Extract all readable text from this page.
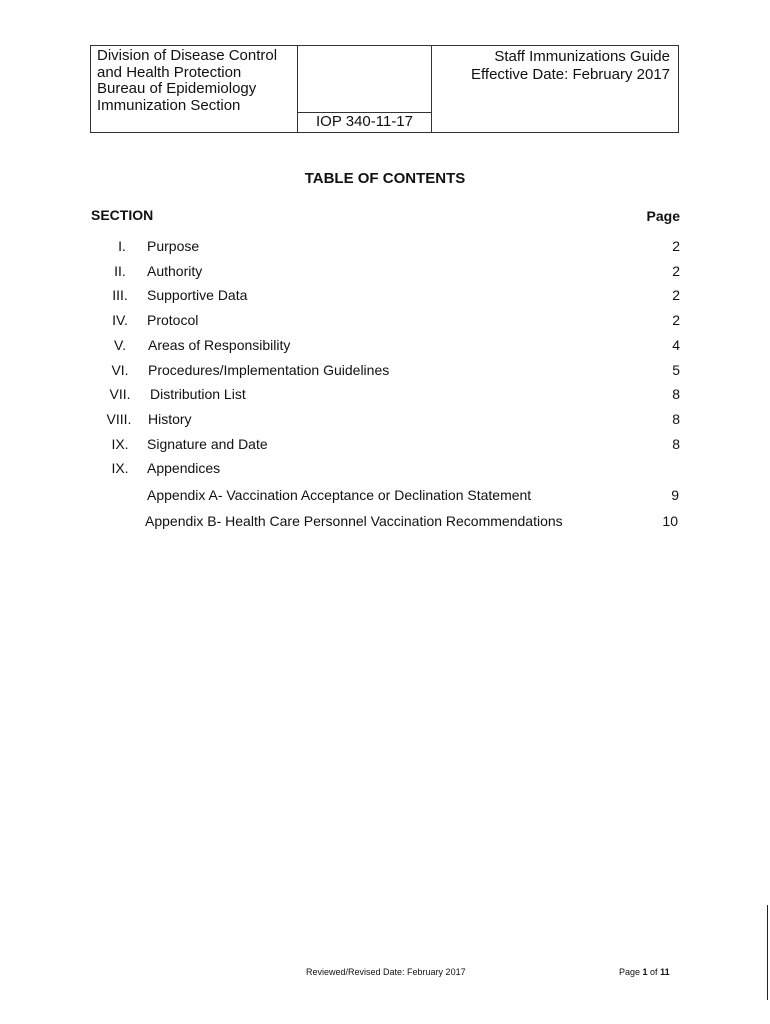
Division of Disease Control
and Health Protection
Bureau of Epidemiology
Immunization Section
IOP 340-11-17
Staff Immunizations Guide
Effective Date: February 2017
TABLE OF CONTENTS
SECTION	Page
I.	Purpose	2
II.	Authority	2
III.	Supportive Data	2
IV.	Protocol	2
V.	Areas of Responsibility	4
VI.	Procedures/Implementation Guidelines	5
VII.	Distribution List	8
VIII.	History	8
IX.	Signature and Date	8
IX.	Appendices
Appendix A- Vaccination Acceptance or Declination Statement	9
Appendix B- Health Care Personnel Vaccination Recommendations	10
Reviewed/Revised Date: February 2017	Page 1 of 11
